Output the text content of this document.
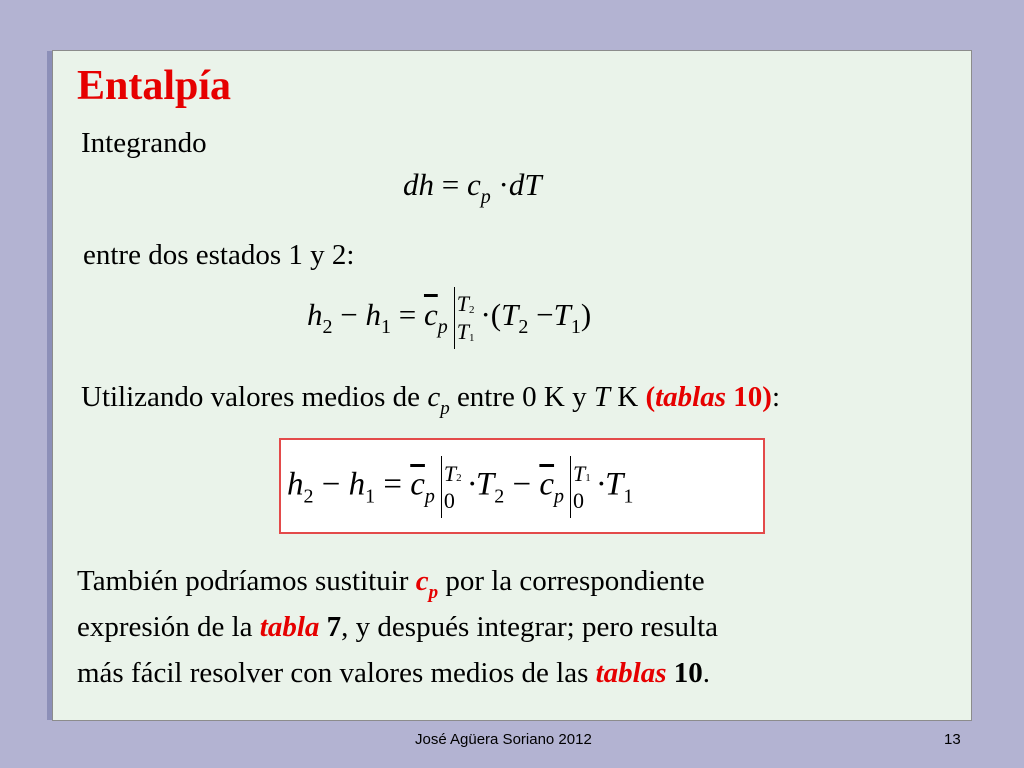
Entalpía
Integrando
dh = $c_p \cdot dT$
entre dos estados 1 y 2:
$h_2 - h_1 = \overline{c}_pT2$
$T1\cdot(T_2 -T_1)$
Utilizando valores medios de $c_p$ entre 0 K y T K (tablas 10):
$h_2 - h_1 = \overline{c}_pT2$
$0 \cdot T_2 - \overline{c}_pT1$
$0 \cdot T_1$
También podríamos sustituir $c_p$ por la correspondiente
expresión de la tabla 7, y después integrar; pero resulta
más fácil resolver con valores medios de las tablas 10.
José Agüera Soriano 2012	13
